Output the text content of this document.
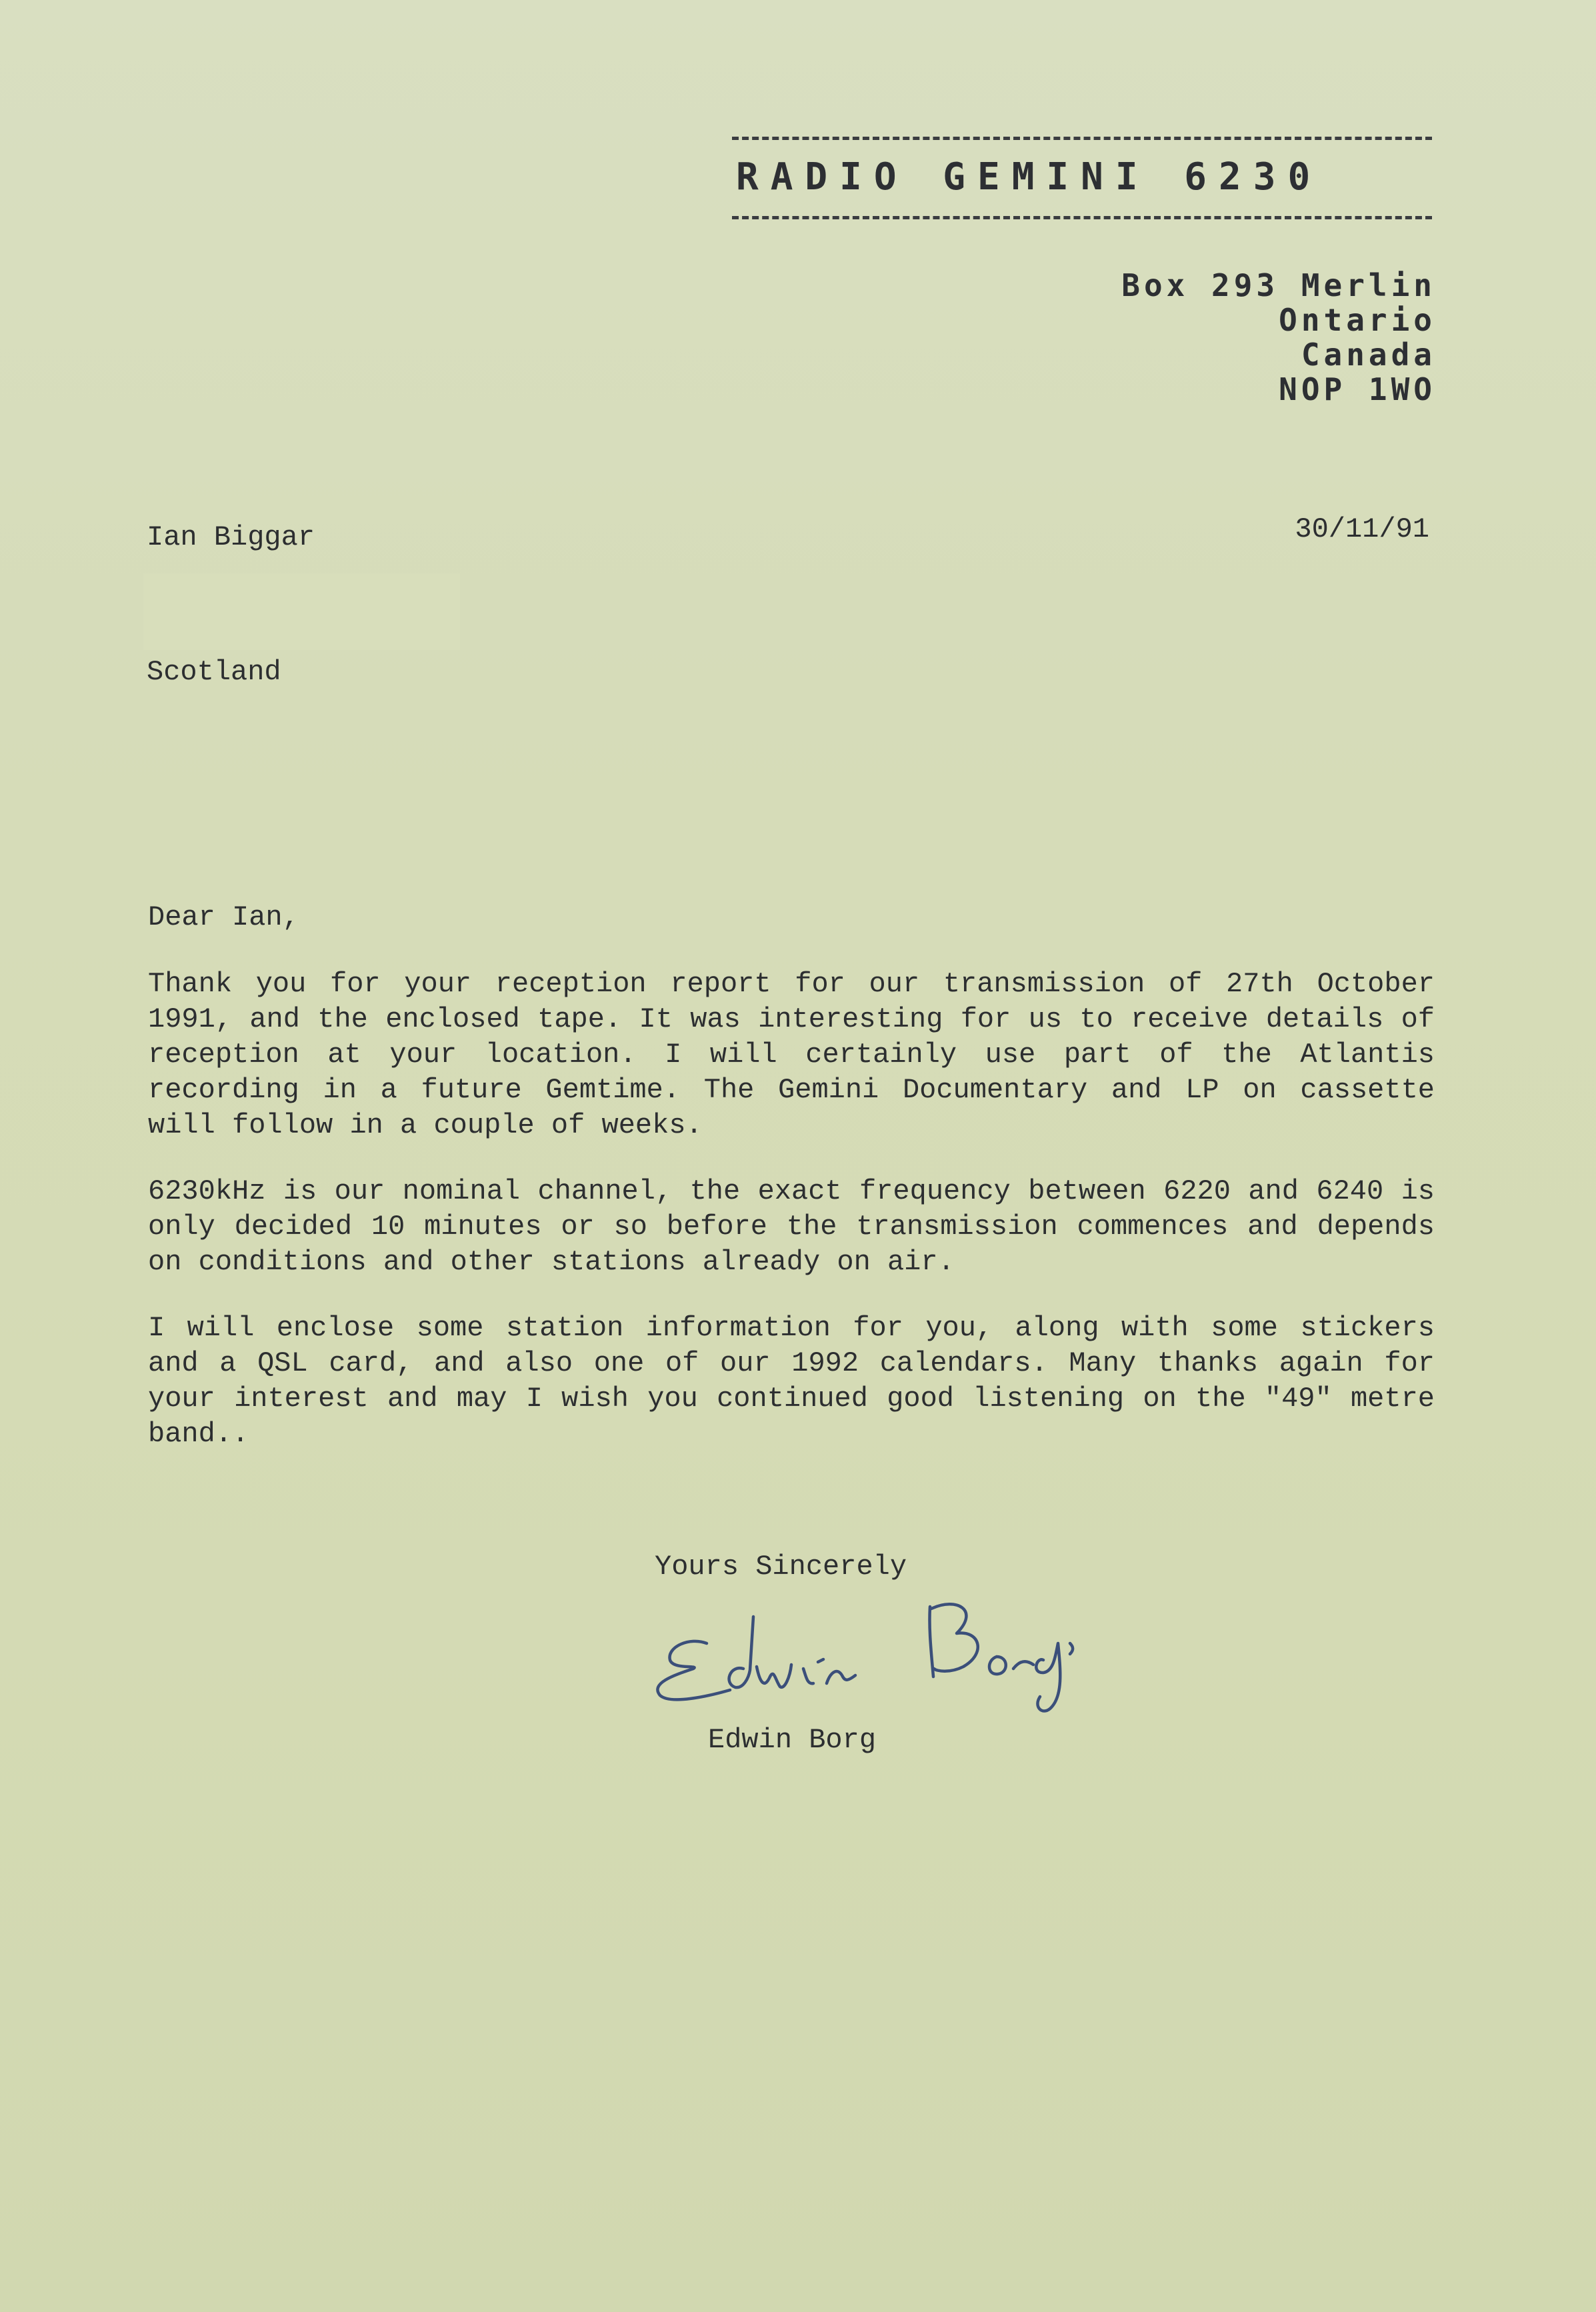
RADIO GEMINI 6230
Box 293 Merlin
Ontario
Canada
NOP 1WO
30/11/91
Ian Biggar
Scotland
Dear Ian,

Thank you for your reception report for our transmission of 27th October 1991, and the enclosed tape. It was interesting for us to receive details of reception at your location. I will certainly use part of the Atlantis recording in a future Gemtime. The Gemini Documentary and LP on cassette will follow in a couple of weeks.

6230kHz is our nominal channel, the exact frequency between 6220 and 6240 is only decided 10 minutes or so before the transmission commences and depends on conditions and other stations already on air.

I will enclose some station information for you, along with some stickers and a QSL card, and also one of our 1992 calendars. Many thanks again for your interest and may I wish you continued good listening on the "49" metre band..

Yours Sincerely
Edwin Borg
